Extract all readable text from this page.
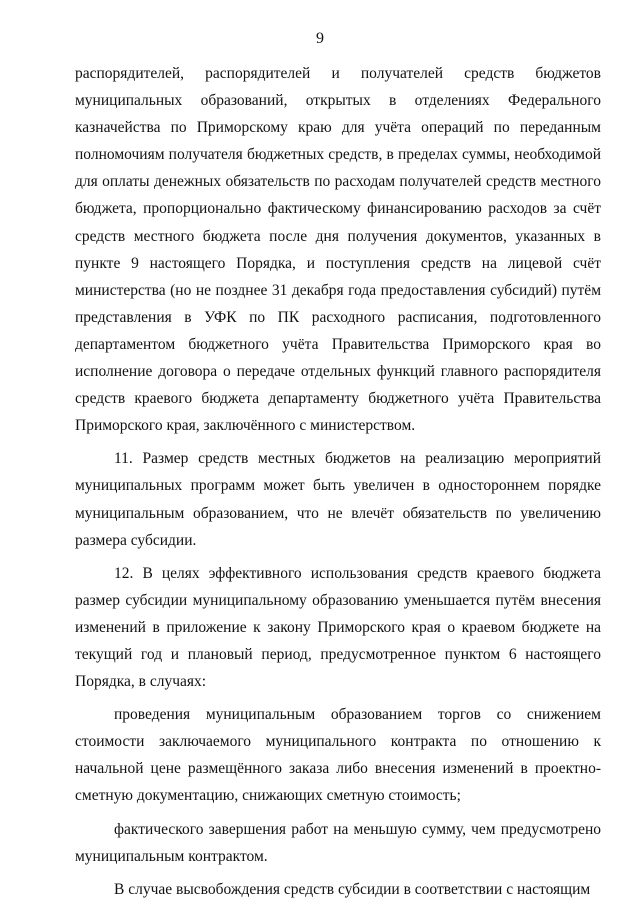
9

распорядителей, распорядителей и получателей средств бюджетов муниципальных образований, открытых в отделениях Федерального казначейства по Приморскому краю для учёта операций по переданным полномочиям получателя бюджетных средств, в пределах суммы, необходимой для оплаты денежных обязательств по расходам получателей средств местного бюджета, пропорционально фактическому финансированию расходов за счёт средств местного бюджета после дня получения документов, указанных в пункте 9 настоящего Порядка, и поступления средств на лицевой счёт министерства (но не позднее 31 декабря года предоставления субсидий) путём представления в УФК по ПК расходного расписания, подготовленного департаментом бюджетного учёта Правительства Приморского края во исполнение договора о передаче отдельных функций главного распорядителя средств краевого бюджета департаменту бюджетного учёта Правительства Приморского края, заключённого с министерством.

11. Размер средств местных бюджетов на реализацию мероприятий муниципальных программ может быть увеличен в одностороннем порядке муниципальным образованием, что не влечёт обязательств по увеличению размера субсидии.

12. В целях эффективного использования средств краевого бюджета размер субсидии муниципальному образованию уменьшается путём внесения изменений в приложение к закону Приморского края о краевом бюджете на текущий год и плановый период, предусмотренное пунктом 6 настоящего Порядка, в случаях:

проведения муниципальным образованием торгов со снижением стоимости заключаемого муниципального контракта по отношению к начальной цене размещённого заказа либо внесения изменений в проектно-сметную документацию, снижающих сметную стоимость;

фактического завершения работ на меньшую сумму, чем предусмотрено муниципальным контрактом.

В случае высвобождения средств субсидии в соответствии с настоящим
